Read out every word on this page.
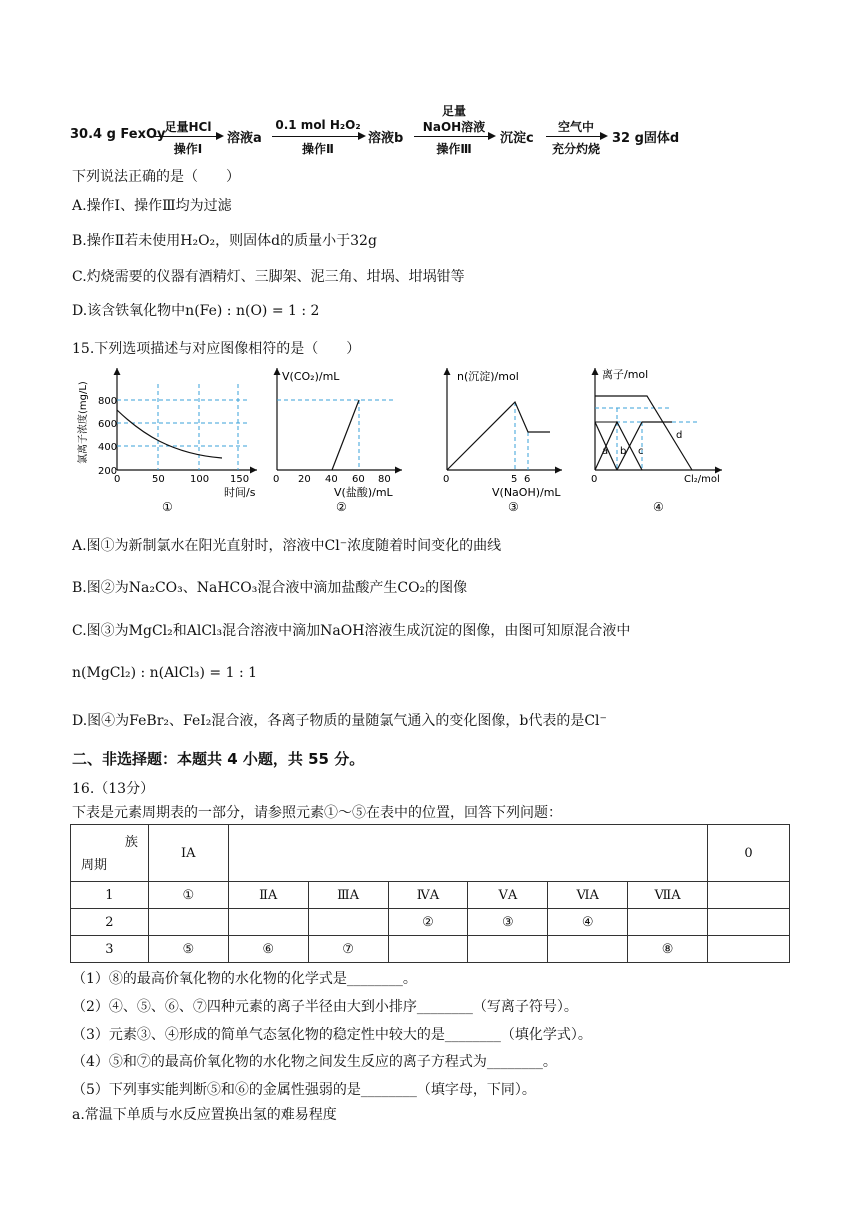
30.4 g FexOy 足量HCl
操作Ⅰ
溶液a
0.1 mol H₂O₂
操作Ⅱ
溶液b
足量
NaOH溶液
操作Ⅲ
沉淀c
空气中
充分灼烧
32 g固体d
下列说法正确的是（　　）
A.操作Ⅰ、操作Ⅲ均为过滤
B.操作Ⅱ若未使用H₂O₂，则固体d的质量小于32g
C.灼烧需要的仪器有酒精灯、三脚架、泥三角、坩埚、坩埚钳等
D.该含铁氧化物中n(Fe) : n(O) = 1 : 2
15.下列选项描述与对应图像相符的是（　　）
200
400
600
800
0	50	100 150
时间/s
氯离子浓度(mg/L)
①
V(CO₂)/mL
0 20 40 60 80
V(盐酸)/mL
②
n(沉淀)/mol
0	5 6
V(NaOH)/mL
③
离子/mol
a b c
d
0	Cl₂/mol
④
A.图①为新制氯水在阳光直射时，溶液中Cl⁻浓度随着时间变化的曲线
B.图②为Na₂CO₃、NaHCO₃混合液中滴加盐酸产生CO₂的图像
C.图③为MgCl₂和AlCl₃混合溶液中滴加NaOH溶液生成沉淀的图像，由图可知原混合液中
n(MgCl₂) : n(AlCl₃) = 1 : 1
D.图④为FeBr₂、FeI₂混合液，各离子物质的量随氯气通入的变化图像，b代表的是Cl⁻
二、非选择题：本题共 4 小题，共 55 分。
16.（13分）
下表是元素周期表的一部分，请参照元素①～⑤在表中的位置，回答下列问题：
族
周期	ⅠA							0
1	①	ⅡA	ⅢA	ⅣA	ⅤA	ⅥA	ⅦA	
2				②	③	④		
3	⑤	⑥	⑦				⑧	
（1）⑧的最高价氧化物的水化物的化学式是________。
（2）④、⑤、⑥、⑦四种元素的离子半径由大到小排序________（写离子符号）。
（3）元素③、④形成的简单气态氢化物的稳定性中较大的是________（填化学式）。
（4）⑤和⑦的最高价氧化物的水化物之间发生反应的离子方程式为________。
（5）下列事实能判断⑤和⑥的金属性强弱的是________（填字母，下同）。
a.常温下单质与水反应置换出氢的难易程度
